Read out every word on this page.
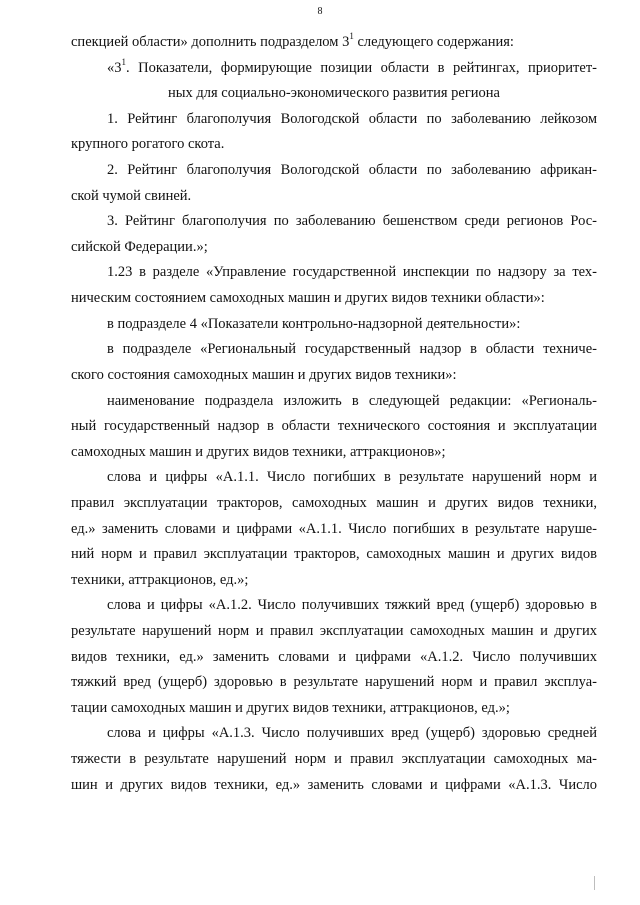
8
спекцией области» дополнить подразделом $3^1$ следующего содержания:
«$3^1$. Показатели, формирующие позиции области в рейтингах, приоритет-
ных для социально-экономического развития региона
1. Рейтинг благополучия Вологодской области по заболеванию лейкозом
крупного рогатого скота.
2. Рейтинг благополучия Вологодской области по заболеванию африкан-
ской чумой свиней.
3. Рейтинг благополучия по заболеванию бешенством среди регионов Рос-
сийской Федерации.»;
1.23 в разделе «Управление государственной инспекции по надзору за тех-
ническим состоянием самоходных машин и других видов техники области»:
в подразделе 4 «Показатели контрольно-надзорной деятельности»:
в подразделе «Региональный государственный надзор в области техниче-
ского состояния самоходных машин и других видов техники»:
наименование подраздела изложить в следующей редакции: «Региональ-
ный государственный надзор в области технического состояния и эксплуатации
самоходных машин и других видов техники, аттракционов»;
слова и цифры «А.1.1. Число погибших в результате нарушений норм и
правил эксплуатации тракторов, самоходных машин и других видов техники,
ед.» заменить словами и цифрами «А.1.1. Число погибших в результате наруше-
ний норм и правил эксплуатации тракторов, самоходных машин и других видов
техники, аттракционов, ед.»;
слова и цифры «А.1.2. Число получивших тяжкий вред (ущерб) здоровью в
результате нарушений норм и правил эксплуатации самоходных машин и других
видов техники, ед.» заменить словами и цифрами «А.1.2. Число получивших
тяжкий вред (ущерб) здоровью в результате нарушений норм и правил эксплуа-
тации самоходных машин и других видов техники, аттракционов, ед.»;
слова и цифры «А.1.3. Число получивших вред (ущерб) здоровью средней
тяжести в результате нарушений норм и правил эксплуатации самоходных ма-
шин и других видов техники, ед.» заменить словами и цифрами «А.1.3. Число
